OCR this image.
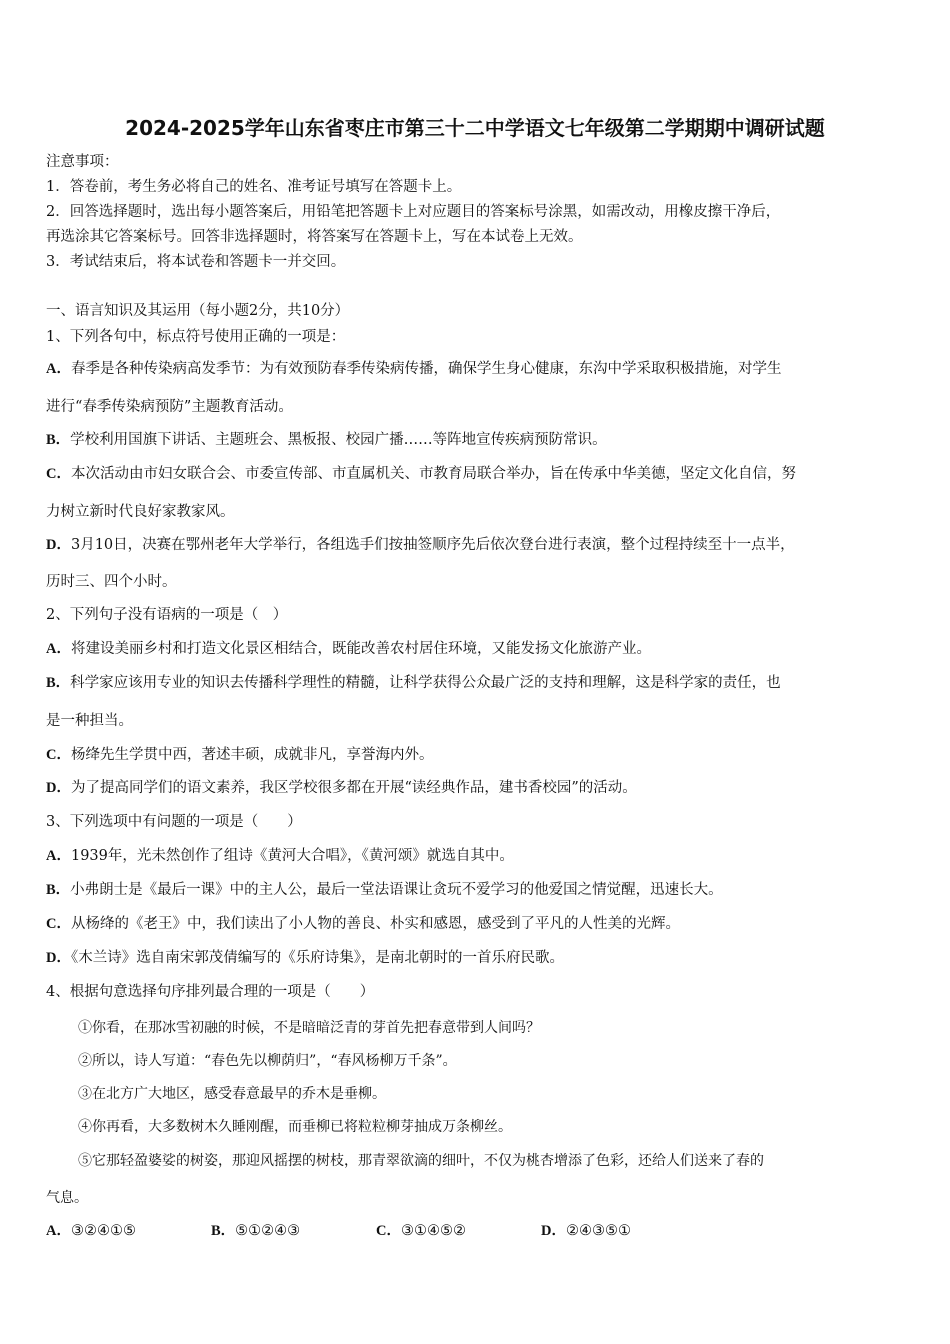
2024-2025学年山东省枣庄市第三十二中学语文七年级第二学期期中调研试题
注意事项：
1．答卷前，考生务必将自己的姓名、准考证号填写在答题卡上。
2．回答选择题时，选出每小题答案后，用铅笔把答题卡上对应题目的答案标号涂黑，如需改动，用橡皮擦干净后，
再选涂其它答案标号。回答非选择题时，将答案写在答题卡上，写在本试卷上无效。
3．考试结束后，将本试卷和答题卡一并交回。
一、语言知识及其运用（每小题2分，共10分）
1、下列各句中，标点符号使用正确的一项是：
A．春季是各种传染病高发季节：为有效预防春季传染病传播，确保学生身心健康，东沟中学采取积极措施，对学生
进行“春季传染病预防”主题教育活动。
B．学校利用国旗下讲话、主题班会、黑板报、校园广播……等阵地宣传疾病预防常识。
C．本次活动由市妇女联合会、市委宣传部、市直属机关、市教育局联合举办，旨在传承中华美德，坚定文化自信，努
力树立新时代良好家教家风。
D．3月10日，决赛在鄂州老年大学举行，各组选手们按抽签顺序先后依次登台进行表演，整个过程持续至十一点半，
历时三、四个小时。
2、下列句子没有语病的一项是（　）
A．将建设美丽乡村和打造文化景区相结合，既能改善农村居住环境，又能发扬文化旅游产业。
B．科学家应该用专业的知识去传播科学理性的精髓，让科学获得公众最广泛的支持和理解，这是科学家的责任，也
是一种担当。
C．杨绛先生学贯中西，著述丰硕，成就非凡，享誉海内外。
D．为了提高同学们的语文素养，我区学校很多都在开展“读经典作品，建书香校园”的活动。
3、下列选项中有问题的一项是（　　）
A．1939年，光未然创作了组诗《黄河大合唱》，《黄河颂》就选自其中。
B．小弗朗士是《最后一课》中的主人公，最后一堂法语课让贪玩不爱学习的他爱国之情觉醒，迅速长大。
C．从杨绛的《老王》中，我们读出了小人物的善良、朴实和感恩，感受到了平凡的人性美的光辉。
D．《木兰诗》选自南宋郭茂倩编写的《乐府诗集》，是南北朝时的一首乐府民歌。
4、根据句意选择句序排列最合理的一项是（　　）
①你看，在那冰雪初融的时候，不是暗暗泛青的芽首先把春意带到人间吗？
②所以，诗人写道：“春色先以柳荫归”，“春风杨柳万千条”。
③在北方广大地区，感受春意最早的乔木是垂柳。
④你再看，大多数树木久睡刚醒，而垂柳已将粒粒柳芽抽成万条柳丝。
⑤它那轻盈婆娑的树姿，那迎风摇摆的树枝，那青翠欲滴的细叶，不仅为桃杏增添了色彩，还给人们送来了春的
气息。
A．③②④①⑤	B．⑤①②④③	C．③①④⑤②	D．②④③⑤①
